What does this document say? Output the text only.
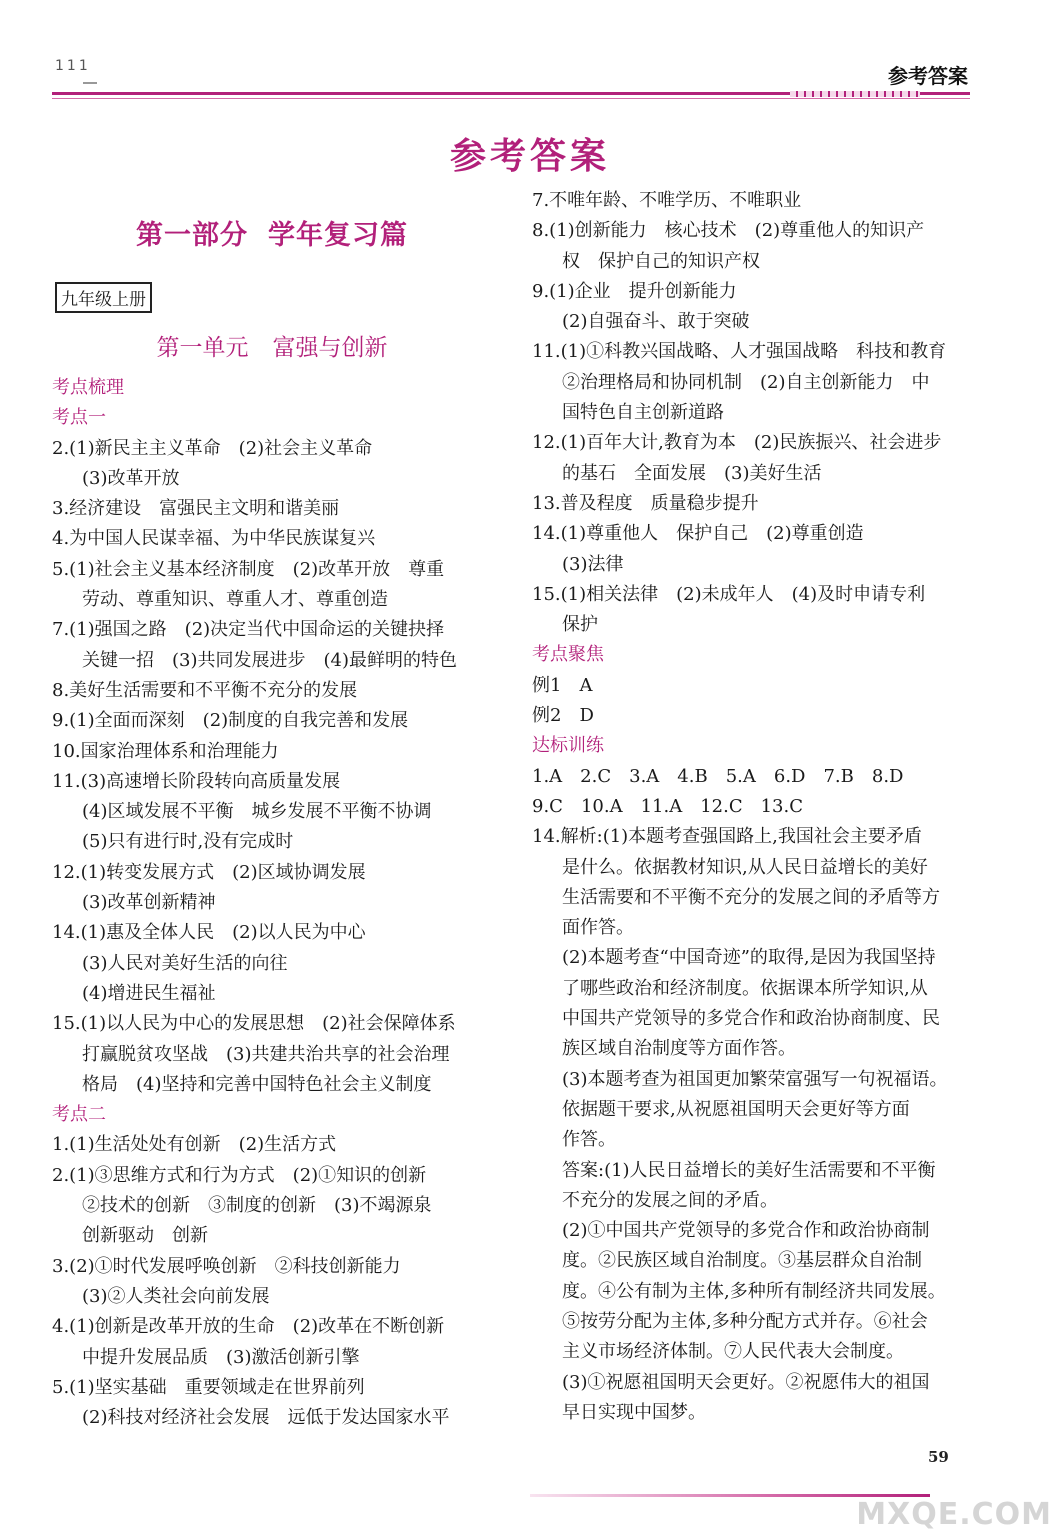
111	参考答案
参考答案
第一部分 学年复习篇
九年级上册
第一单元 富强与创新
考点梳理
考点一
2.(1)新民主主义革命　(2)社会主义革命
(3)改革开放
3.经济建设　富强民主文明和谐美丽
4.为中国人民谋幸福、为中华民族谋复兴
5.(1)社会主义基本经济制度　(2)改革开放　尊重
劳动、尊重知识、尊重人才、尊重创造
7.(1)强国之路　(2)决定当代中国命运的关键抉择
关键一招　(3)共同发展进步　(4)最鲜明的特色
8.美好生活需要和不平衡不充分的发展
9.(1)全面而深刻　(2)制度的自我完善和发展
10.国家治理体系和治理能力
11.(3)高速增长阶段转向高质量发展
(4)区域发展不平衡　城乡发展不平衡不协调
(5)只有进行时,没有完成时
12.(1)转变发展方式　(2)区域协调发展
(3)改革创新精神
14.(1)惠及全体人民　(2)以人民为中心
(3)人民对美好生活的向往
(4)增进民生福祉
15.(1)以人民为中心的发展思想　(2)社会保障体系
打赢脱贫攻坚战　(3)共建共治共享的社会治理
格局　(4)坚持和完善中国特色社会主义制度
考点二
1.(1)生活处处有创新　(2)生活方式
2.(1)③思维方式和行为方式　(2)①知识的创新
②技术的创新　③制度的创新　(3)不竭源泉
创新驱动　创新
3.(2)①时代发展呼唤创新　②科技创新能力
(3)②人类社会向前发展
4.(1)创新是改革开放的生命　(2)改革在不断创新
中提升发展品质　(3)激活创新引擎
5.(1)坚实基础　重要领域走在世界前列
(2)科技对经济社会发展　远低于发达国家水平
7.不唯年龄、不唯学历、不唯职业
8.(1)创新能力　核心技术　(2)尊重他人的知识产
权　保护自己的知识产权
9.(1)企业　提升创新能力
(2)自强奋斗、敢于突破
11.(1)①科教兴国战略、人才强国战略　科技和教育
②治理格局和协同机制　(2)自主创新能力　中
国特色自主创新道路
12.(1)百年大计,教育为本　(2)民族振兴、社会进步
的基石　全面发展　(3)美好生活
13.普及程度　质量稳步提升
14.(1)尊重他人　保护自己　(2)尊重创造
(3)法律
15.(1)相关法律　(2)未成年人　(4)及时申请专利
保护
考点聚焦
例1　A
例2　D
达标训练
1.A　2.C　3.A　4.B　5.A　6.D　7.B　8.D
9.C　10.A　11.A　12.C　13.C
14.解析:(1)本题考查强国路上,我国社会主要矛盾
是什么。依据教材知识,从人民日益增长的美好
生活需要和不平衡不充分的发展之间的矛盾等方
面作答。
(2)本题考查“中国奇迹”的取得,是因为我国坚持
了哪些政治和经济制度。依据课本所学知识,从
中国共产党领导的多党合作和政治协商制度、民
族区域自治制度等方面作答。
(3)本题考查为祖国更加繁荣富强写一句祝福语。
依据题干要求,从祝愿祖国明天会更好等方面
作答。
答案:(1)人民日益增长的美好生活需要和不平衡
不充分的发展之间的矛盾。
(2)①中国共产党领导的多党合作和政治协商制
度。②民族区域自治制度。③基层群众自治制
度。④公有制为主体,多种所有制经济共同发展。
⑤按劳分配为主体,多种分配方式并存。⑥社会
主义市场经济体制。⑦人民代表大会制度。
(3)①祝愿祖国明天会更好。②祝愿伟大的祖国
早日实现中国梦。
MXQE.COM
59
